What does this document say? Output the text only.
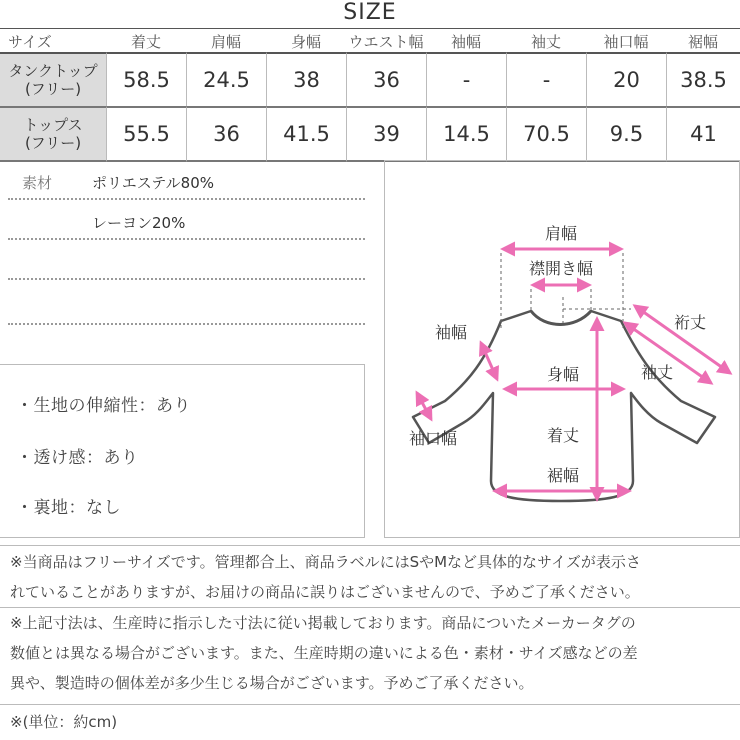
SIZE
サイズ	着丈	肩幅	身幅	ウエスト幅	袖幅	袖丈	袖口幅	裾幅

タンクトップ
(フリー)	58.5	24.5	38	36	-	-	20	38.5

トップス
(フリー)	55.5	36	41.5	39	14.5	70.5	9.5	41
素材	ポリエステル80%
レーヨン20%
・生地の伸縮性：あり
・透け感：あり
・裏地：なし
肩幅
襟開き幅
裄丈
袖幅
袖丈
身幅
着丈
袖口幅
裾幅
※当商品はフリーサイズです。管理都合上、商品ラベルにはSやMなど具体的なサイズが表示さ
れていることがありますが、お届けの商品に誤りはございませんので、予めご了承ください。
※上記寸法は、生産時に指示した寸法に従い掲載しております。商品についたメーカータグの
数値とは異なる場合がございます。また、生産時期の違いによる色・素材・サイズ感などの差
異や、製造時の個体差が多少生じる場合がございます。予めご了承ください。
※(単位：約cm)
